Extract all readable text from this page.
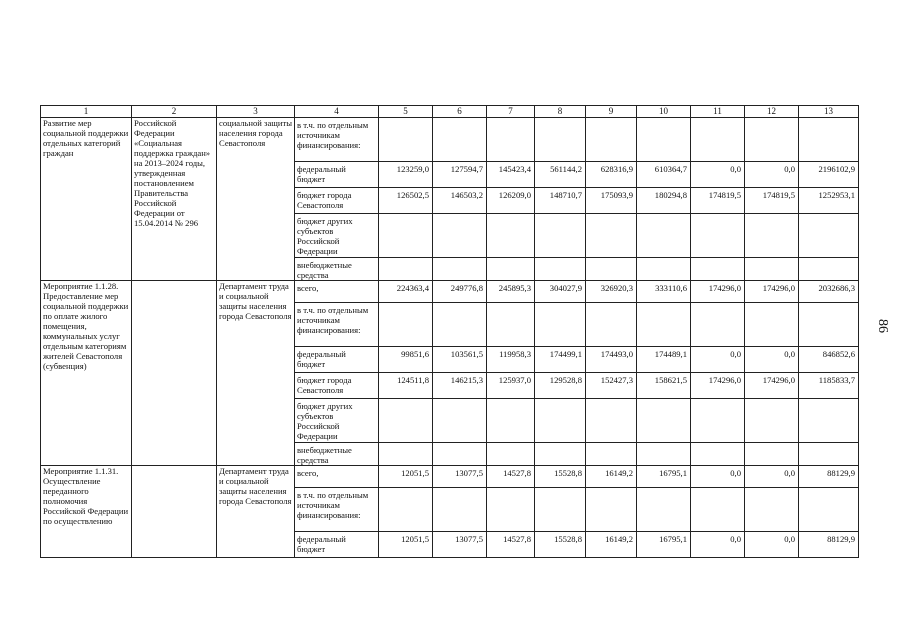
1	2	3	4	5	6	7	8	9	10	11	12	13
Развитие мер социальной поддержки отдельных категорий граждан	Российской Федерации «Социальная поддержка граждан» на 2013–2024 годы, утвержденная постановлением Правительства Российской Федерации от 15.04.2014 № 296	социальной защиты населения города Севастополя	в т.ч. по отдельным источникам финансирования:									
			федеральный бюджет	123259,0	127594,7	145423,4	561144,2	628316,9	610364,7	0,0	0,0	2196102,9
			бюджет города Севастополя	126502,5	146503,2	126209,0	148710,7	175093,9	180294,8	174819,5	174819,5	1252953,1
			бюджет других субъектов Российской Федерации									
			внебюджетные средства									
Мероприятие 1.1.28. Предоставление мер социальной поддержки по оплате жилого помещения, коммунальных услуг отдельным категориям жителей Севастополя (субвенция)		Департамент труда и социальной защиты населения города Севастополя	всего,	224363,4	249776,8	245895,3	304027,9	326920,3	333110,6	174296,0	174296,0	2032686,3
			в т.ч. по отдельным источникам финансирования:									
			федеральный бюджет	99851,6	103561,5	119958,3	174499,1	174493,0	174489,1	0,0	0,0	846852,6
			бюджет города Севастополя	124511,8	146215,3	125937,0	129528,8	152427,3	158621,5	174296,0	174296,0	1185833,7
			бюджет других субъектов Российской Федерации									
			внебюджетные средства									
Мероприятие 1.1.31. Осуществление переданного полномочия Российской Федерации по осуществлению		Департамент труда и социальной защиты населения города Севастополя	всего,	12051,5	13077,5	14527,8	15528,8	16149,2	16795,1	0,0	0,0	88129,9
			в т.ч. по отдельным источникам финансирования:									
			федеральный бюджет	12051,5	13077,5	14527,8	15528,8	16149,2	16795,1	0,0	0,0	88129,9
86
